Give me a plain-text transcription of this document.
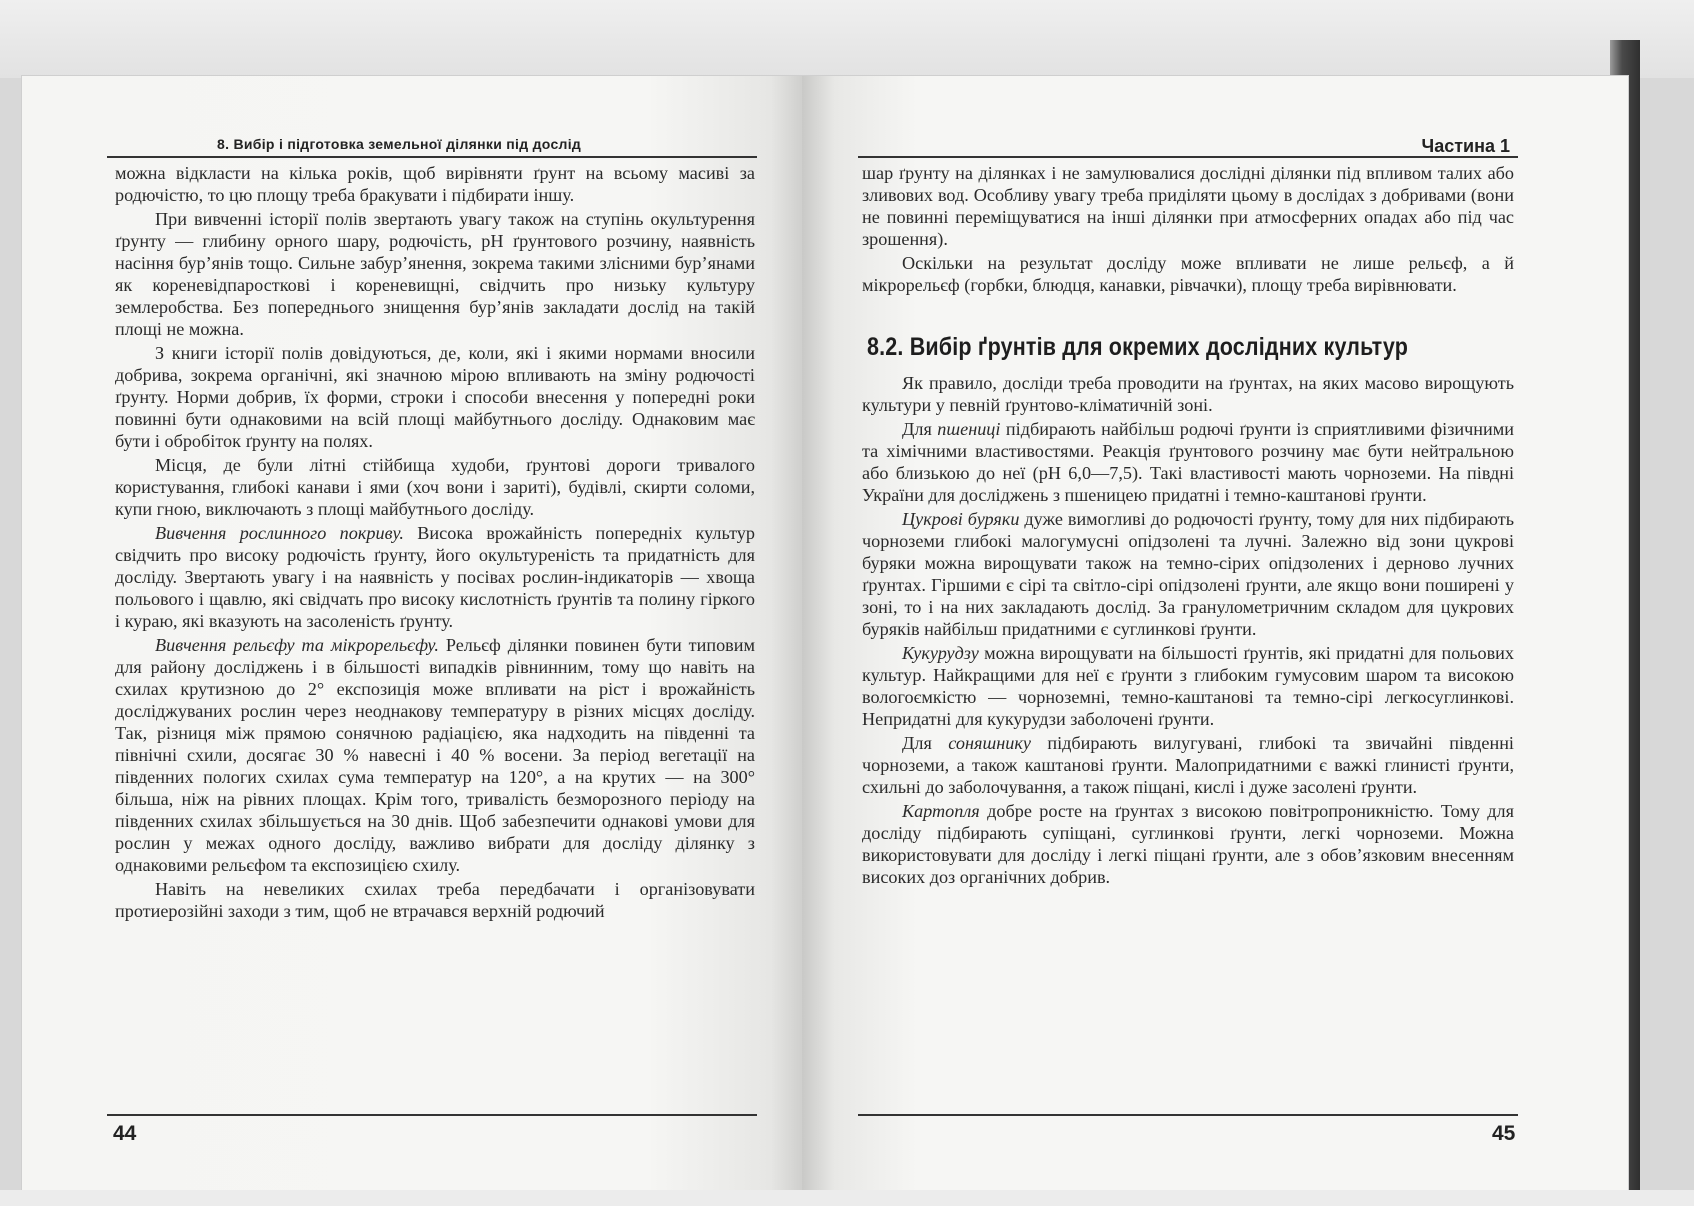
8. Вибір і підготовка земельної ділянки під дослід

можна відкласти на кілька років, щоб вирівняти ґрунт на всьому масиві за родючістю, то цю площу треба бракувати і підбирати іншу.

При вивченні історії полів звертають увагу також на ступінь окультурення ґрунту — глибину орного шару, родючість, pH ґрунтового розчину, наявність насіння бур’янів тощо. Сильне забур’янення, зокрема такими злісними бур’янами як кореневідпаросткові і кореневищні, свідчить про низьку культуру землеробства. Без попереднього знищення бур’янів закладати дослід на такій площі не можна.

З книги історії полів довідуються, де, коли, які і якими нормами вносили добрива, зокрема органічні, які значною мірою впливають на зміну родючості ґрунту. Норми добрив, їх форми, строки і способи внесення у попередні роки повинні бути однаковими на всій площі майбутнього досліду. Однаковим має бути і обробіток ґрунту на полях.

Місця, де були літні стійбища худоби, ґрунтові дороги тривалого користування, глибокі канави і ями (хоч вони і зариті), будівлі, скирти соломи, купи гною, виключають з площі майбутнього досліду.

Вивчення рослинного покриву. Висока врожайність попередніх культур свідчить про високу родючість ґрунту, його окультуреність та придатність для досліду. Звертають увагу і на наявність у посівах рослин-індикаторів — хвоща польового і щавлю, які свідчать про високу кислотність ґрунтів та полину гіркого і кураю, які вказують на засоленість ґрунту.

Вивчення рельєфу та мікрорельєфу. Рельєф ділянки повинен бути типовим для району досліджень і в більшості випадків рівнинним, тому що навіть на схилах крутизною до 2° експозиція може впливати на ріст і врожайність досліджуваних рослин через неоднакову температуру в різних місцях досліду. Так, різниця між прямою сонячною радіацією, яка надходить на південні та північні схили, досягає 30 % навесні і 40 % восени. За період вегетації на південних пологих схилах сума температур на 120°, а на крутих — на 300° більша, ніж на рівних площах. Крім того, тривалість безморозного періоду на південних схилах збільшується на 30 днів. Щоб забезпечити однакові умови для рослин у межах одного досліду, важливо вибрати для досліду ділянку з однаковими рельєфом та експозицією схилу.

Навіть на невеликих схилах треба передбачати і організовувати протиерозійні заходи з тим, щоб не втрачався верхній родючий

44
Частина 1

шар ґрунту на ділянках і не замулювалися дослідні ділянки під впливом талих або зливових вод. Особливу увагу треба приділяти цьому в дослідах з добривами (вони не повинні переміщуватися на інші ділянки при атмосферних опадах або під час зрошення).

Оскільки на результат досліду може впливати не лише рельєф, а й мікрорельєф (горбки, блюдця, канавки, рівчачки), площу треба вирівнювати.

8.2. Вибір ґрунтів для окремих дослідних культур

Як правило, досліди треба проводити на ґрунтах, на яких масово вирощують культури у певній ґрунтово-кліматичній зоні.

Для пшениці підбирають найбільш родючі ґрунти із сприятливими фізичними та хімічними властивостями. Реакція ґрунтового розчину має бути нейтральною або близькою до неї (pH 6,0—7,5). Такі властивості мають чорноземи. На півдні України для досліджень з пшеницею придатні і темно-каштанові ґрунти.

Цукрові буряки дуже вимогливі до родючості ґрунту, тому для них підбирають чорноземи глибокі малогумусні опідзолені та лучні. Залежно від зони цукрові буряки можна вирощувати також на темно-сірих опідзолених і дерново лучних ґрунтах. Гіршими є сірі та світло-сірі опідзолені ґрунти, але якщо вони поширені у зоні, то і на них закладають дослід. За гранулометричним складом для цукрових буряків найбільш придатними є суглинкові ґрунти.

Кукурудзу можна вирощувати на більшості ґрунтів, які придатні для польових культур. Найкращими для неї є ґрунти з глибоким гумусовим шаром та високою вологоємкістю — чорноземні, темно-каштанові та темно-сірі легкосуглинкові. Непридатні для кукурудзи заболочені ґрунти.

Для соняшнику підбирають вилугувані, глибокі та звичайні південні чорноземи, а також каштанові ґрунти. Малопридатними є важкі глинисті ґрунти, схильні до заболочування, а також піщані, кислі і дуже засолені ґрунти.

Картопля добре росте на ґрунтах з високою повітропроникністю. Тому для досліду підбирають супіщані, суглинкові ґрунти, легкі чорноземи. Можна використовувати для досліду і легкі піщані ґрунти, але з обов’язковим внесенням високих доз органічних добрив.

45
